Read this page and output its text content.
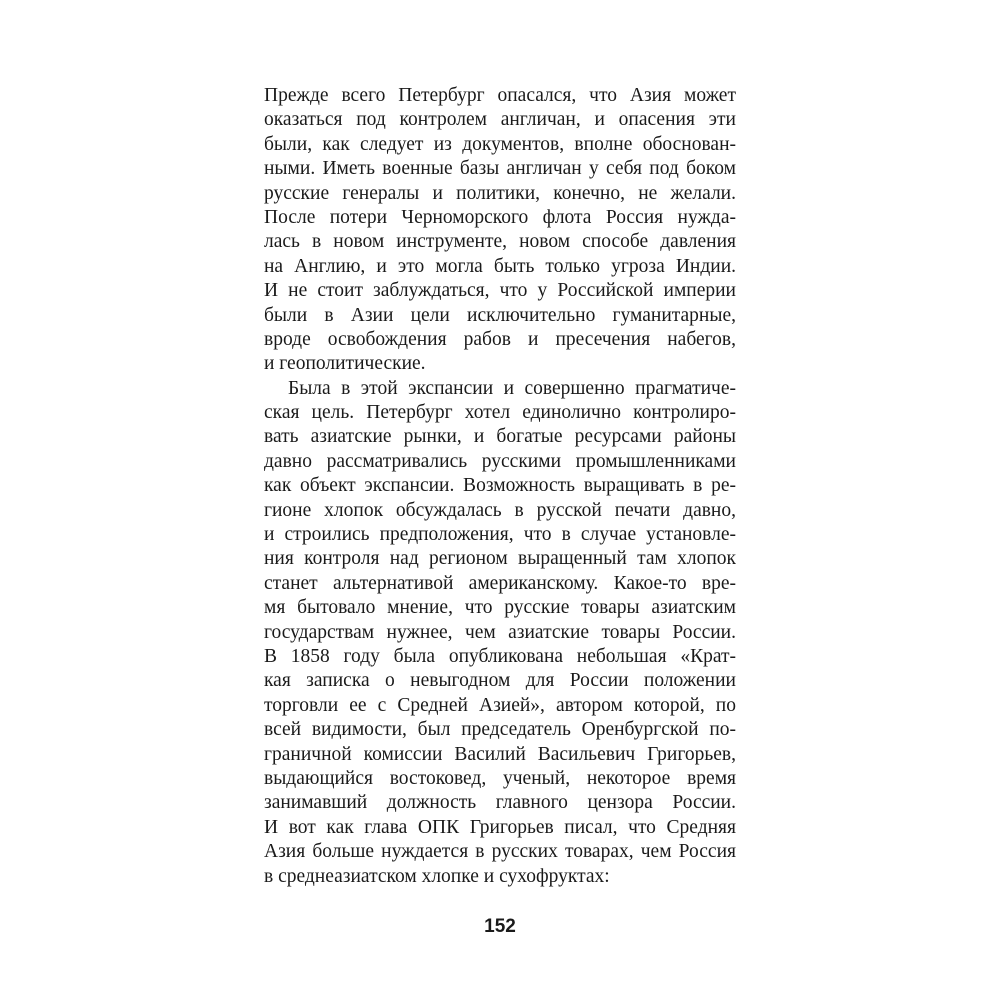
Прежде всего Петербург опасался, что Азия может
оказаться под контролем англичан, и опасения эти
были, как следует из документов, вполне обоснован-
ными. Иметь военные базы англичан у себя под боком
русские генералы и политики, конечно, не желали.
После потери Черноморского флота Россия нужда-
лась в новом инструменте, новом способе давления
на Англию, и это могла быть только угроза Индии.
И не стоит заблуждаться, что у Российской империи
были в Азии цели исключительно гуманитарные,
вроде освобождения рабов и пресечения набегов,
и геополитические.
Была в этой экспансии и совершенно прагматиче-
ская цель. Петербург хотел единолично контролиро-
вать азиатские рынки, и богатые ресурсами районы
давно рассматривались русскими промышленниками
как объект экспансии. Возможность выращивать в ре-
гионе хлопок обсуждалась в русской печати давно,
и строились предположения, что в случае установле-
ния контроля над регионом выращенный там хлопок
станет альтернативой американскому. Какое-то вре-
мя бытовало мнение, что русские товары азиатским
государствам нужнее, чем азиатские товары России.
В 1858 году была опубликована небольшая «Крат-
кая записка о невыгодном для России положении
торговли ее с Средней Азией», автором которой, по
всей видимости, был председатель Оренбургской по-
граничной комиссии Василий Васильевич Григорьев,
выдающийся востоковед, ученый, некоторое время
занимавший должность главного цензора России.
И вот как глава ОПК Григорьев писал, что Средняя
Азия больше нуждается в русских товарах, чем Россия
в среднеазиатском хлопке и сухофруктах:
152
